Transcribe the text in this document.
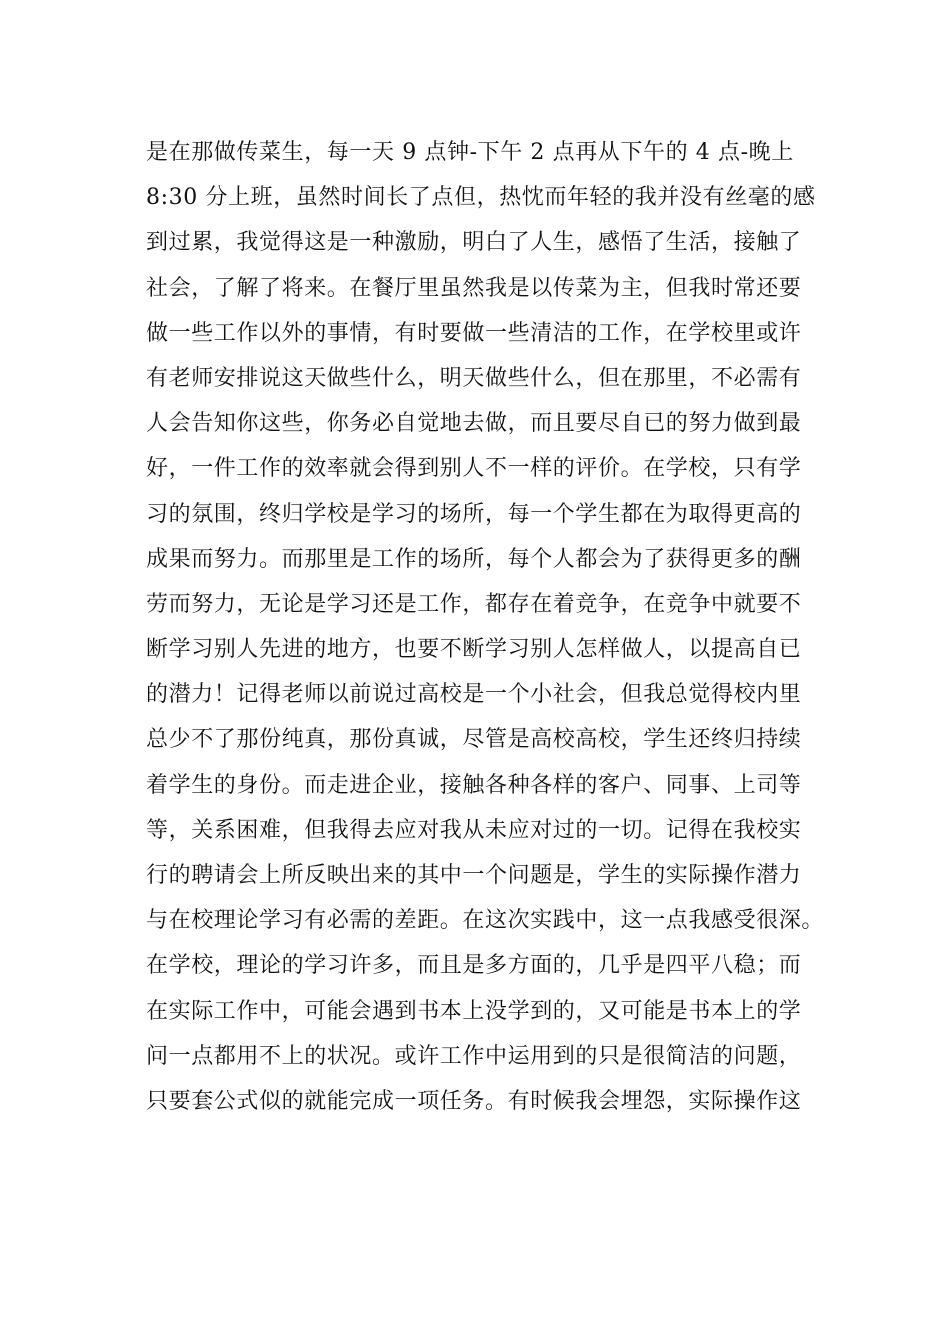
是在那做传菜生，每一天 9 点钟-下午 2 点再从下午的 4 点-晚上
8:30 分上班，虽然时间长了点但，热忱而年轻的我并没有丝毫的感
到过累，我觉得这是一种激励，明白了人生，感悟了生活，接触了
社会，了解了将来。在餐厅里虽然我是以传菜为主，但我时常还要
做一些工作以外的事情，有时要做一些清洁的工作，在学校里或许
有老师安排说这天做些什么，明天做些什么，但在那里，不必需有
人会告知你这些，你务必自觉地去做，而且要尽自已的努力做到最
好，一件工作的效率就会得到别人不一样的评价。在学校，只有学
习的氛围，终归学校是学习的场所，每一个学生都在为取得更高的
成果而努力。而那里是工作的场所，每个人都会为了获得更多的酬
劳而努力，无论是学习还是工作，都存在着竞争，在竞争中就要不
断学习别人先进的地方，也要不断学习别人怎样做人，以提高自已
的潜力！记得老师以前说过高校是一个小社会，但我总觉得校内里
总少不了那份纯真，那份真诚，尽管是高校高校，学生还终归持续
着学生的身份。而走进企业，接触各种各样的客户、同事、上司等
等，关系困难，但我得去应对我从未应对过的一切。记得在我校实
行的聘请会上所反映出来的其中一个问题是，学生的实际操作潜力
与在校理论学习有必需的差距。在这次实践中，这一点我感受很深。
在学校，理论的学习许多，而且是多方面的，几乎是四平八稳；而
在实际工作中，可能会遇到书本上没学到的，又可能是书本上的学
问一点都用不上的状况。或许工作中运用到的只是很简洁的问题，
只要套公式似的就能完成一项任务。有时候我会埋怨，实际操作这
